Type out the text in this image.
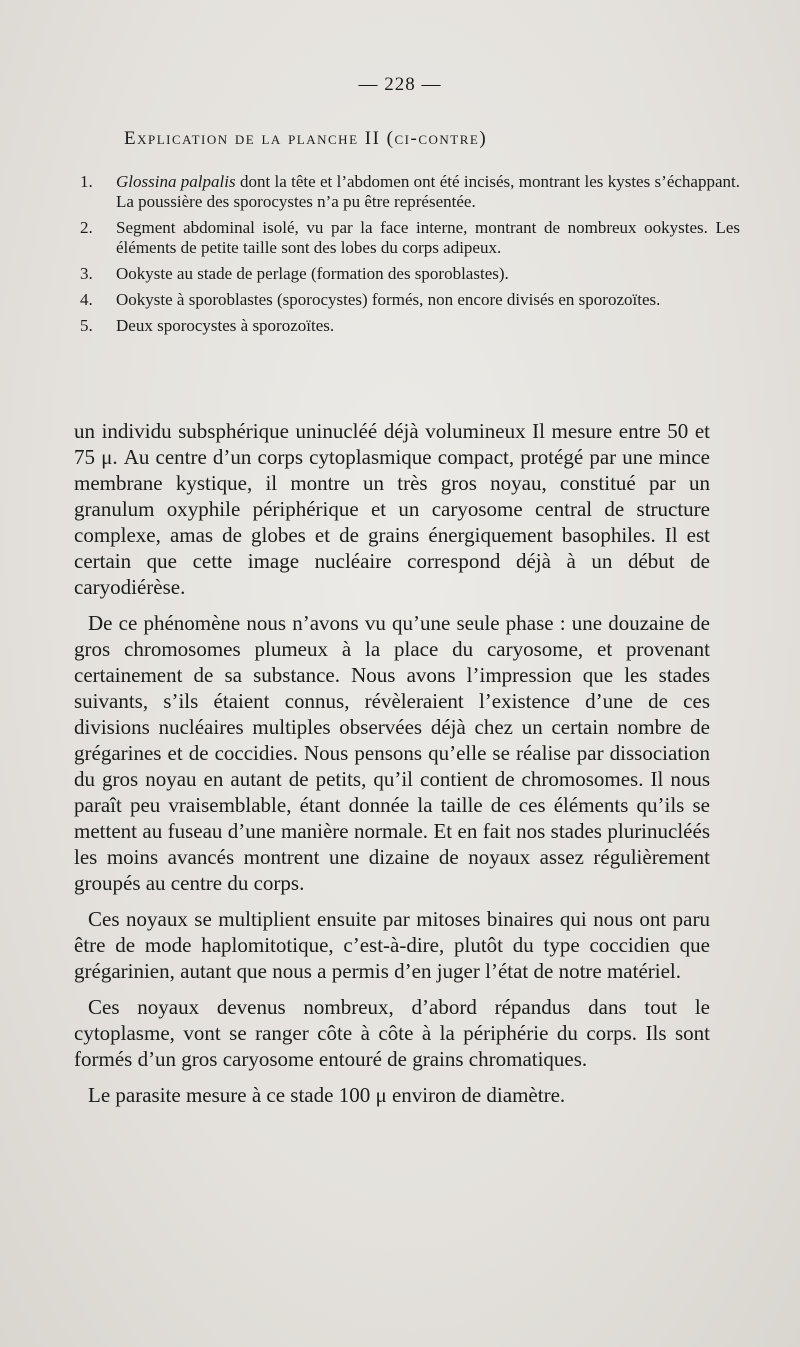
— 228 —
Explication de la planche II (ci-contre)
1.	Glossina palpalis dont la tête et l’abdomen ont été incisés, montrant les kystes s’échappant. La poussière des sporocystes n’a pu être représentée.
2.	Segment abdominal isolé, vu par la face interne, montrant de nombreux ookystes. Les éléments de petite taille sont des lobes du corps adipeux.
3.	Ookyste au stade de perlage (formation des sporoblastes).
4.	Ookyste à sporoblastes (sporocystes) formés, non encore divisés en sporozoïtes.
5.	Deux sporocystes à sporozoïtes.

un individu subsphérique uninucléé déjà volumineux Il mesure entre 50 et 75 μ. Au centre d’un corps cytoplasmique compact, protégé par une mince membrane kystique, il montre un très gros noyau, constitué par un granulum oxyphile périphérique et un caryosome central de structure complexe, amas de globes et de grains énergiquement basophiles. Il est certain que cette image nucléaire correspond déjà à un début de caryodiérèse.

De ce phénomène nous n’avons vu qu’une seule phase : une douzaine de gros chromosomes plumeux à la place du caryosome, et provenant certainement de sa substance. Nous avons l’impression que les stades suivants, s’ils étaient connus, révèleraient l’existence d’une de ces divisions nucléaires multiples observées déjà chez un certain nombre de grégarines et de coccidies. Nous pensons qu’elle se réalise par dissociation du gros noyau en autant de petits, qu’il contient de chromosomes. Il nous paraît peu vraisemblable, étant donnée la taille de ces éléments qu’ils se mettent au fuseau d’une manière normale. Et en fait nos stades plurinucléés les moins avancés montrent une dizaine de noyaux assez régulièrement groupés au centre du corps.

Ces noyaux se multiplient ensuite par mitoses binaires qui nous ont paru être de mode haplomitotique, c’est-à-dire, plutôt du type coccidien que grégarinien, autant que nous a permis d’en juger l’état de notre matériel.

Ces noyaux devenus nombreux, d’abord répandus dans tout le cytoplasme, vont se ranger côte à côte à la périphérie du corps. Ils sont formés d’un gros caryosome entouré de grains chromatiques.

Le parasite mesure à ce stade 100 μ environ de diamètre.
